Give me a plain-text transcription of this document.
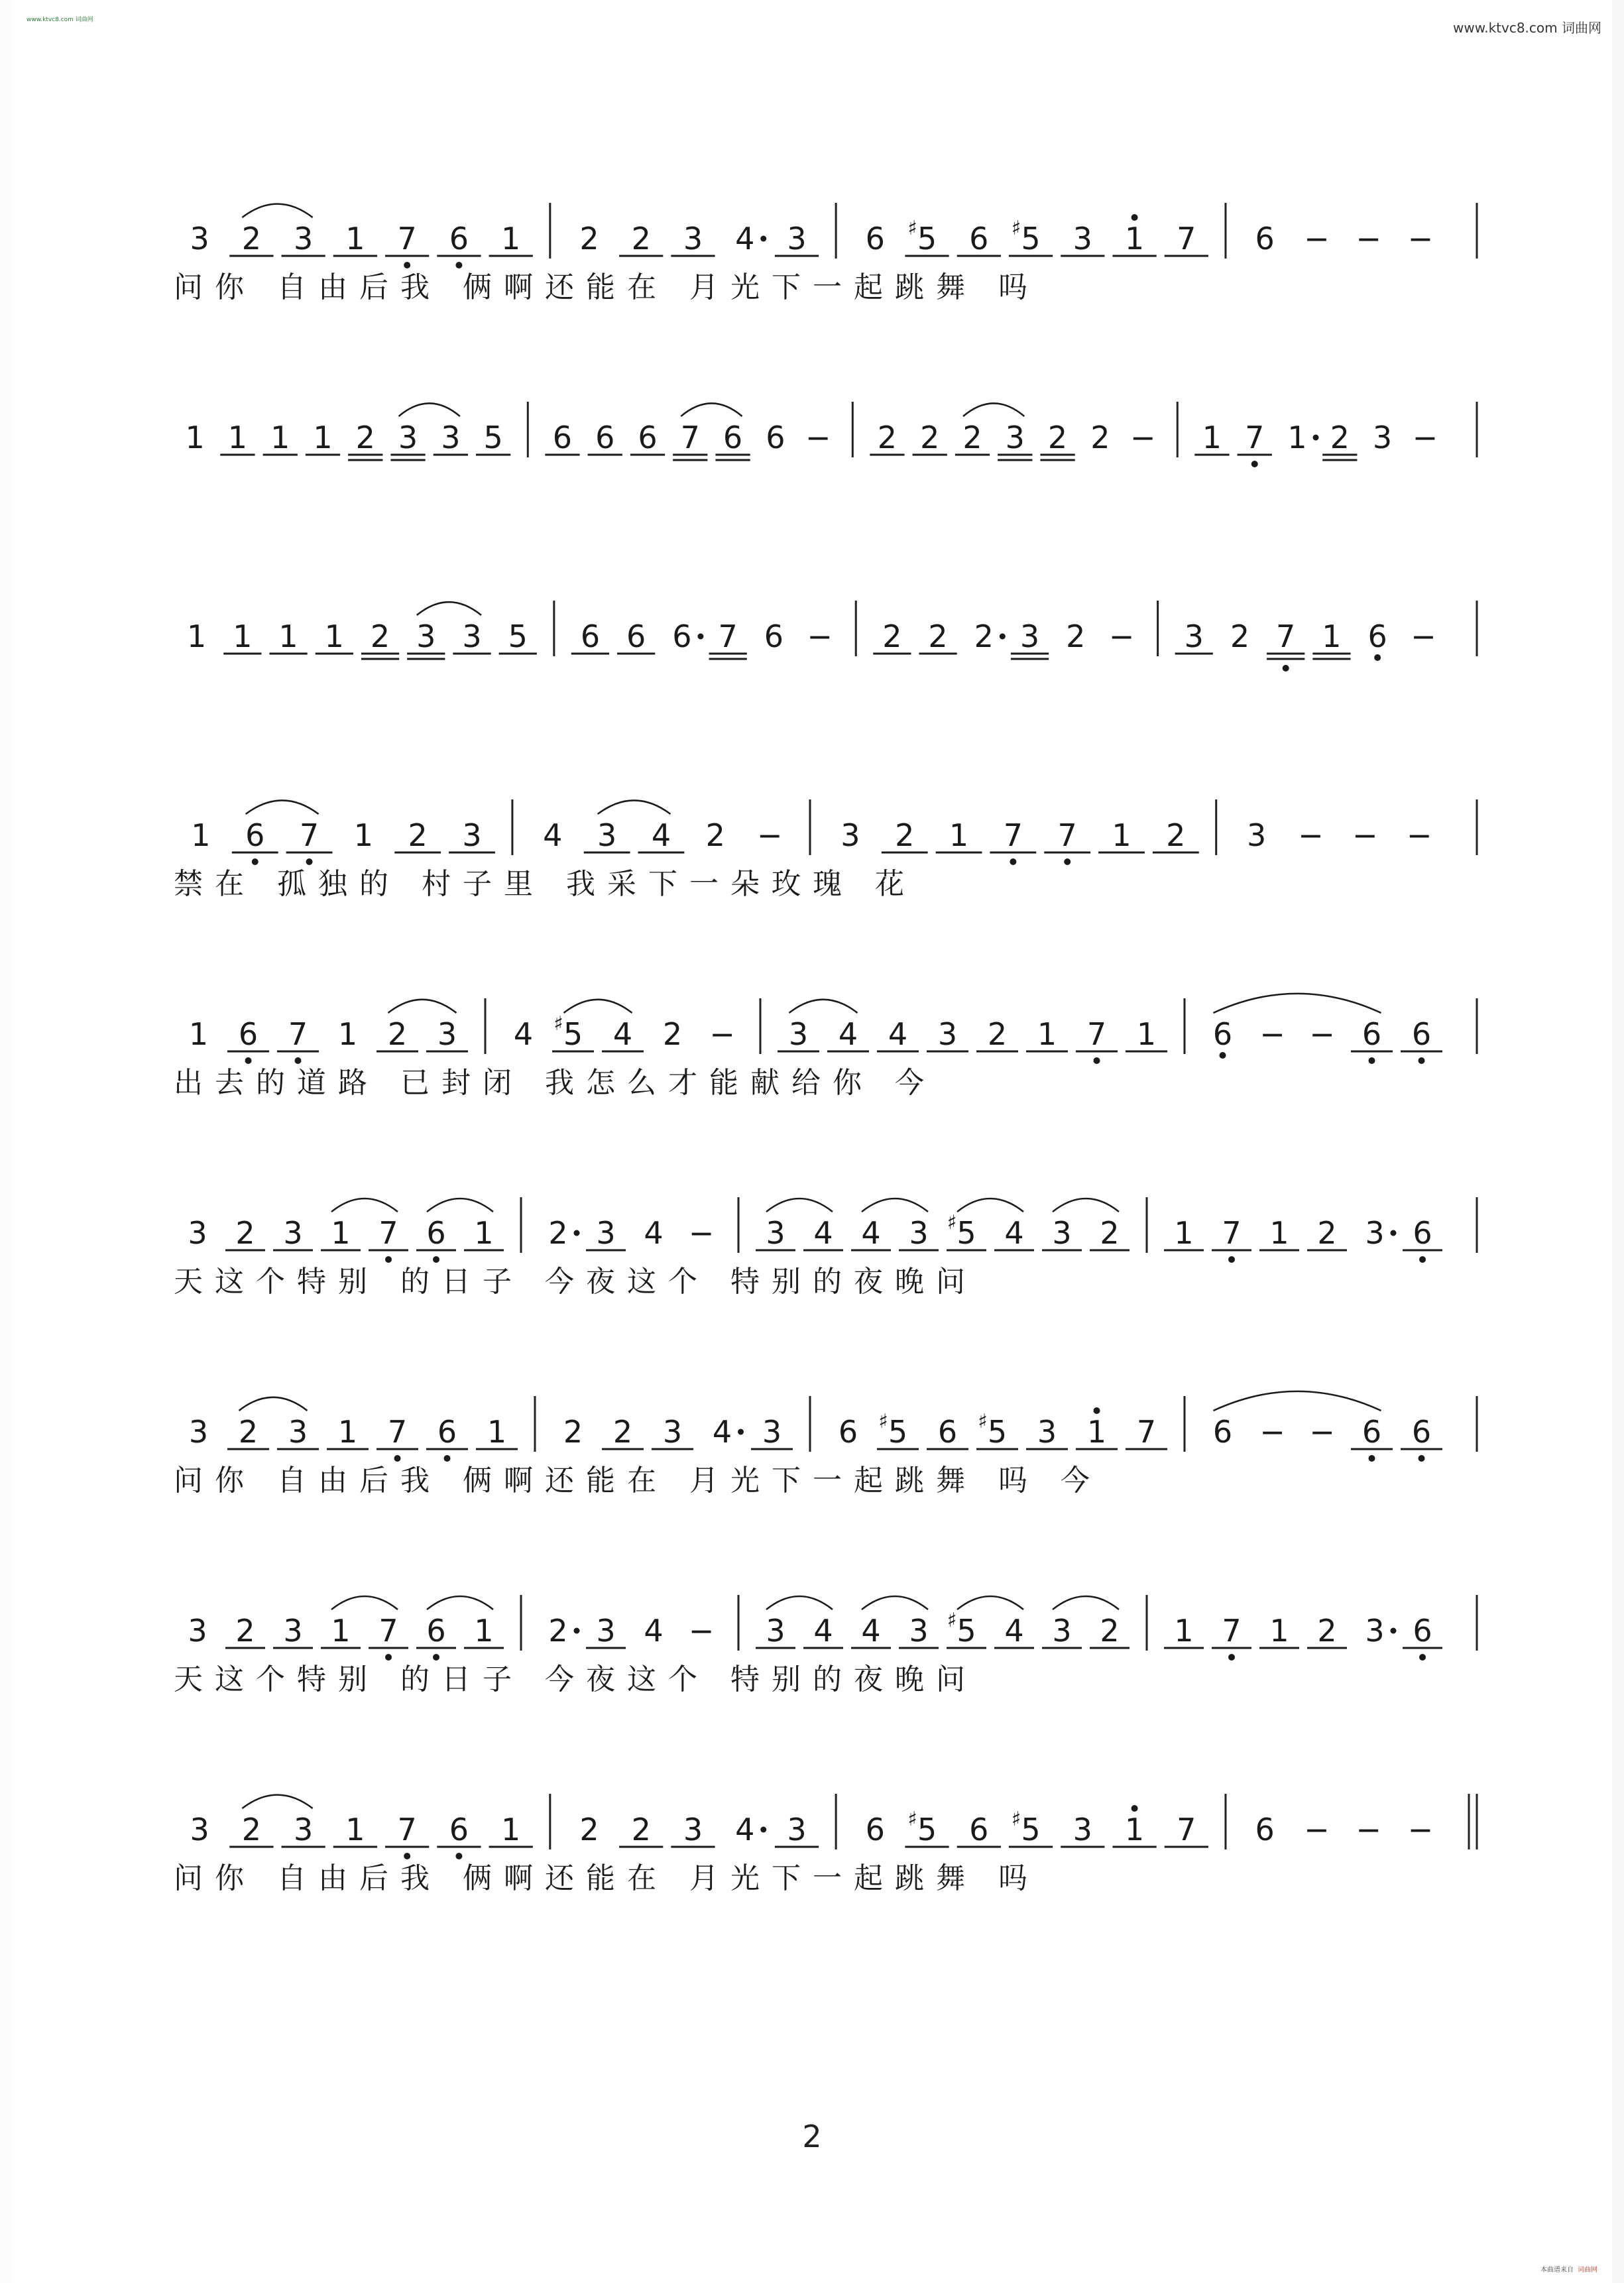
www.ktvc8.com 词曲网	www.ktvc8.com 词曲网
3 2 3 1 7 6 1 2 2 3 4 3 6 5
♯ 6 5
♯ 3 1 7 6 − − −
问你 自由后我 俩啊还能在 月光下一起跳舞 吗
1 1 1 1 2 3 3 5 6 6 6 7 6 6 − 2 2 2 3 2 2 − 1 7 1 2 3 −
1 1 1 1 2 3 3 5 6 6 6 7 6 − 2 2 2 3 2 − 3 2 7 1 6 −
1 6 7 1 2 3 4 3 4 2 − 3 2 1 7 7 1 2 3 − − −
禁在 孤独的 村子里 我采下一朵玫瑰 花
1 6 7 1 2 3 4 5
♯ 4 2 − 3 4 4 3 2 1 7 1 6 − − 6 6
出去的道路 已封闭 我怎么才能献给你 今
3 2 3 1 7 6 1 2 3 4 − 3 4 4 3 5
♯ 4 3 2 1 7 1 2 3 6
天这个特别 的日子 今夜这个 特别的夜晚问
3 2 3 1 7 6 1 2 2 3 4 3 6 5
♯ 6 5
♯ 3 1 7 6 − − 6 6
问你 自由后我 俩啊还能在 月光下一起跳舞 吗 今
3 2 3 1 7 6 1 2 3 4 − 3 4 4 3 5
♯ 4 3 2 1 7 1 2 3 6
天这个特别 的日子 今夜这个 特别的夜晚问
3 2 3 1 7 6 1 2 2 3 4 3 6 5
♯ 6 5
♯ 3 1 7 6 − − −
问你 自由后我 俩啊还能在 月光下一起跳舞 吗
2
本曲谱来自 词曲网
